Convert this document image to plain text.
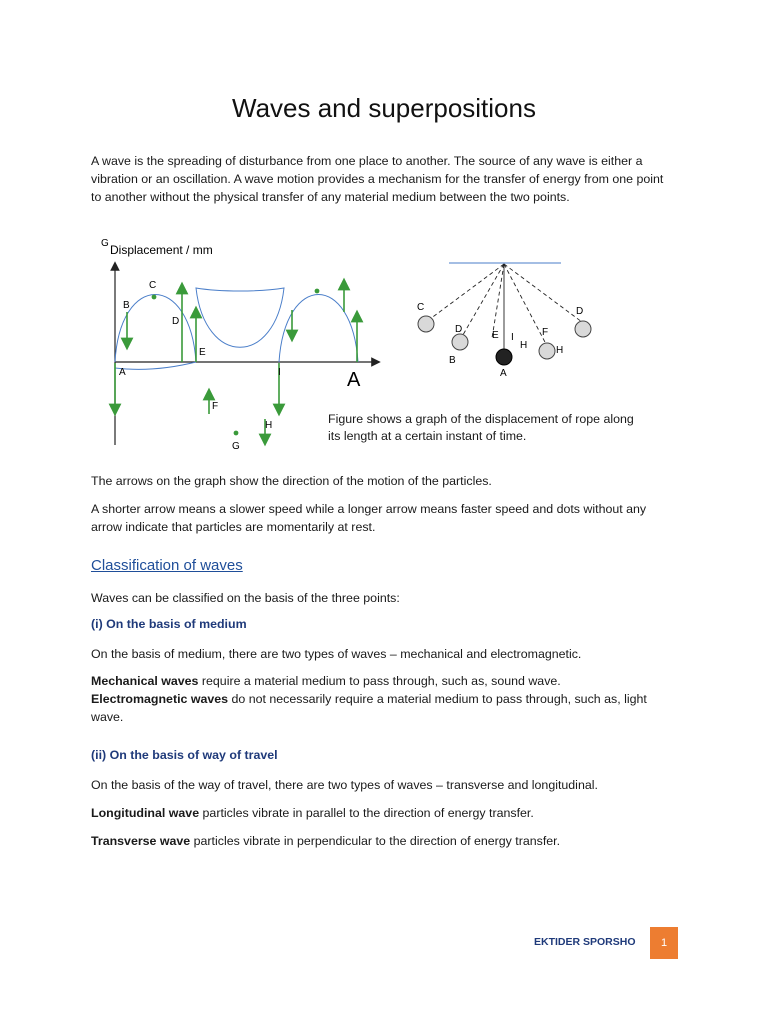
Waves and superpositions

A wave is the spreading of disturbance from one place to another. The source of any wave is either a vibration or an oscillation. A wave motion provides a mechanism for the transfer of energy from one point to another without the physical transfer of any material medium between the two points.

G Displacement / mm
A
A
B
C
D
E
F
G
H
I
C
D
B
E I
H
F
H
D
A

Figure shows a graph of the displacement of rope along its length at a certain instant of time.

The arrows on the graph show the direction of the motion of the particles.

A shorter arrow means a slower speed while a longer arrow means faster speed and dots without any arrow indicate that particles are momentarily at rest.

Classification of waves

Waves can be classified on the basis of the three points:

(i) On the basis of medium

On the basis of medium, there are two types of waves – mechanical and electromagnetic.

Mechanical waves require a material medium to pass through, such as, sound wave.
Electromagnetic waves do not necessarily require a material medium to pass through, such as, light wave.

(ii) On the basis of way of travel

On the basis of the way of travel, there are two types of waves – transverse and longitudinal.

Longitudinal wave particles vibrate in parallel to the direction of energy transfer.

Transverse wave particles vibrate in perpendicular to the direction of energy transfer.

EKTIDER SPORSHO	1
